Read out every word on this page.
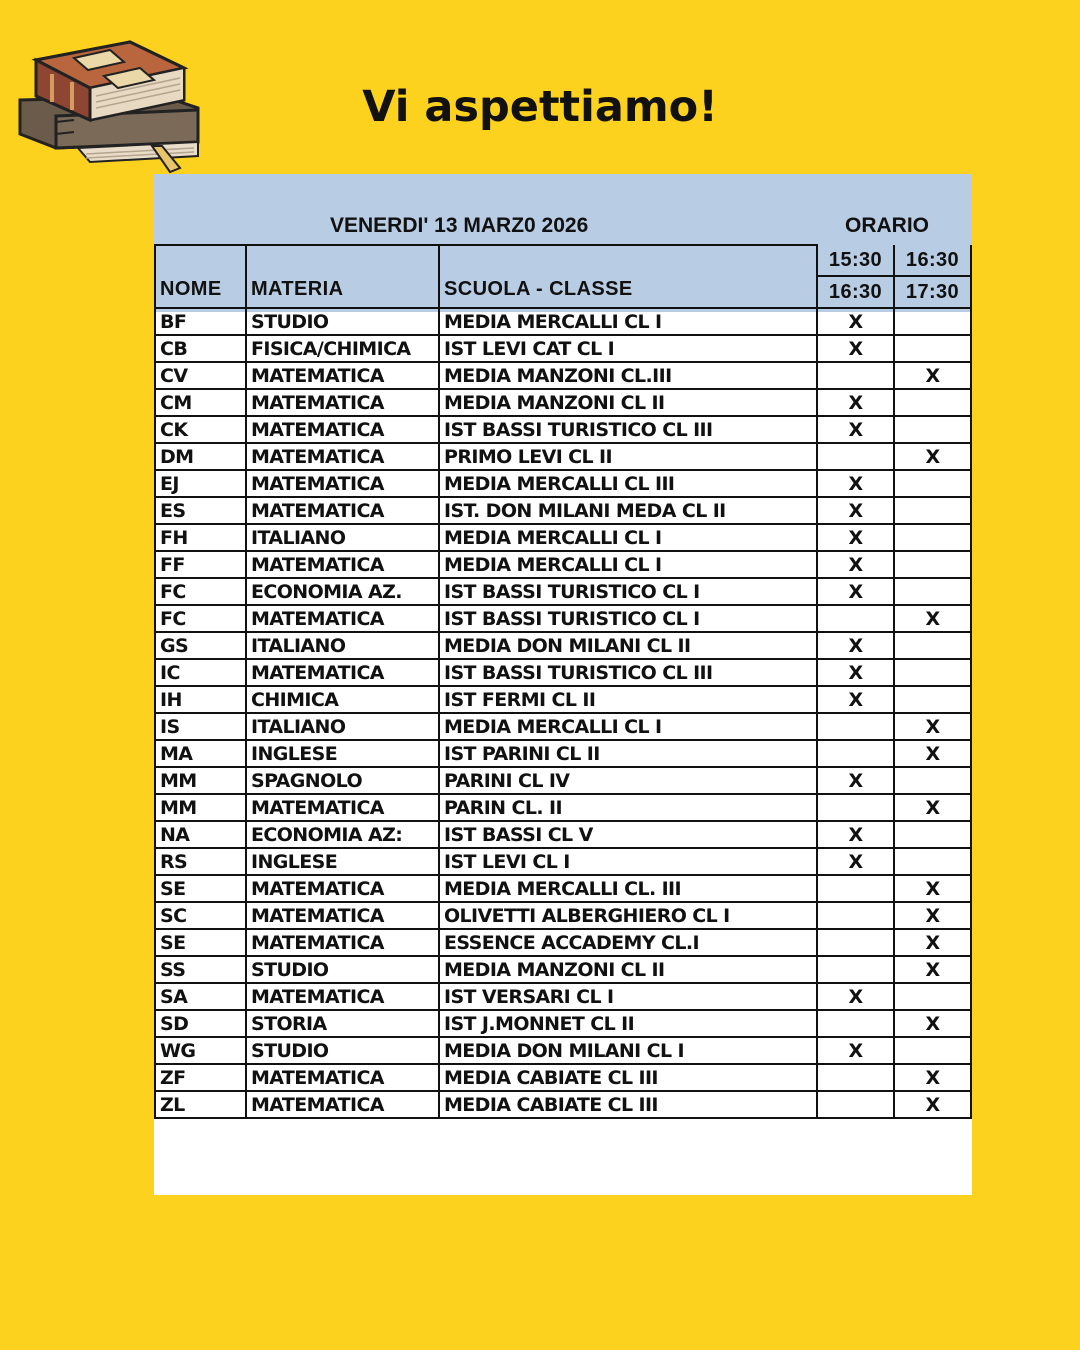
Vi aspettiamo!
VENERDI' 13 MARZ0 2026	ORARIO
NOME	MATERIA	SCUOLA - CLASSE	15:30	16:30
			16:30	17:30
BF	STUDIO	MEDIA MERCALLI CL I	X	
CB	FISICA/CHIMICA	IST LEVI CAT CL I	X	
CV	MATEMATICA	MEDIA MANZONI CL.III		X
CM	MATEMATICA	MEDIA MANZONI CL II	X	
CK	MATEMATICA	IST BASSI TURISTICO CL III	X	
DM	MATEMATICA	PRIMO LEVI CL II		X
EJ	MATEMATICA	MEDIA MERCALLI CL III	X	
ES	MATEMATICA	IST. DON MILANI MEDA CL II	X	
FH	ITALIANO	MEDIA MERCALLI CL I	X	
FF	MATEMATICA	MEDIA MERCALLI CL I	X	
FC	ECONOMIA AZ.	IST BASSI TURISTICO CL I	X	
FC	MATEMATICA	IST BASSI TURISTICO CL I		X
GS	ITALIANO	MEDIA DON MILANI CL II	X	
IC	MATEMATICA	IST BASSI TURISTICO CL III	X	
IH	CHIMICA	IST FERMI CL II	X	
IS	ITALIANO	MEDIA MERCALLI CL I		X
MA	INGLESE	IST PARINI CL II		X
MM	SPAGNOLO	PARINI CL IV	X	
MM	MATEMATICA	PARIN CL. II		X
NA	ECONOMIA AZ:	IST BASSI CL V	X	
RS	INGLESE	IST LEVI CL I	X	
SE	MATEMATICA	MEDIA MERCALLI CL. III		X
SC	MATEMATICA	OLIVETTI ALBERGHIERO CL I		X
SE	MATEMATICA	ESSENCE ACCADEMY CL.I		X
SS	STUDIO	MEDIA MANZONI CL II		X
SA	MATEMATICA	IST VERSARI CL I	X	
SD	STORIA	IST J.MONNET CL II		X
WG	STUDIO	MEDIA DON MILANI CL I	X	
ZF	MATEMATICA	MEDIA CABIATE CL III		X
ZL	MATEMATICA	MEDIA CABIATE CL III		X
